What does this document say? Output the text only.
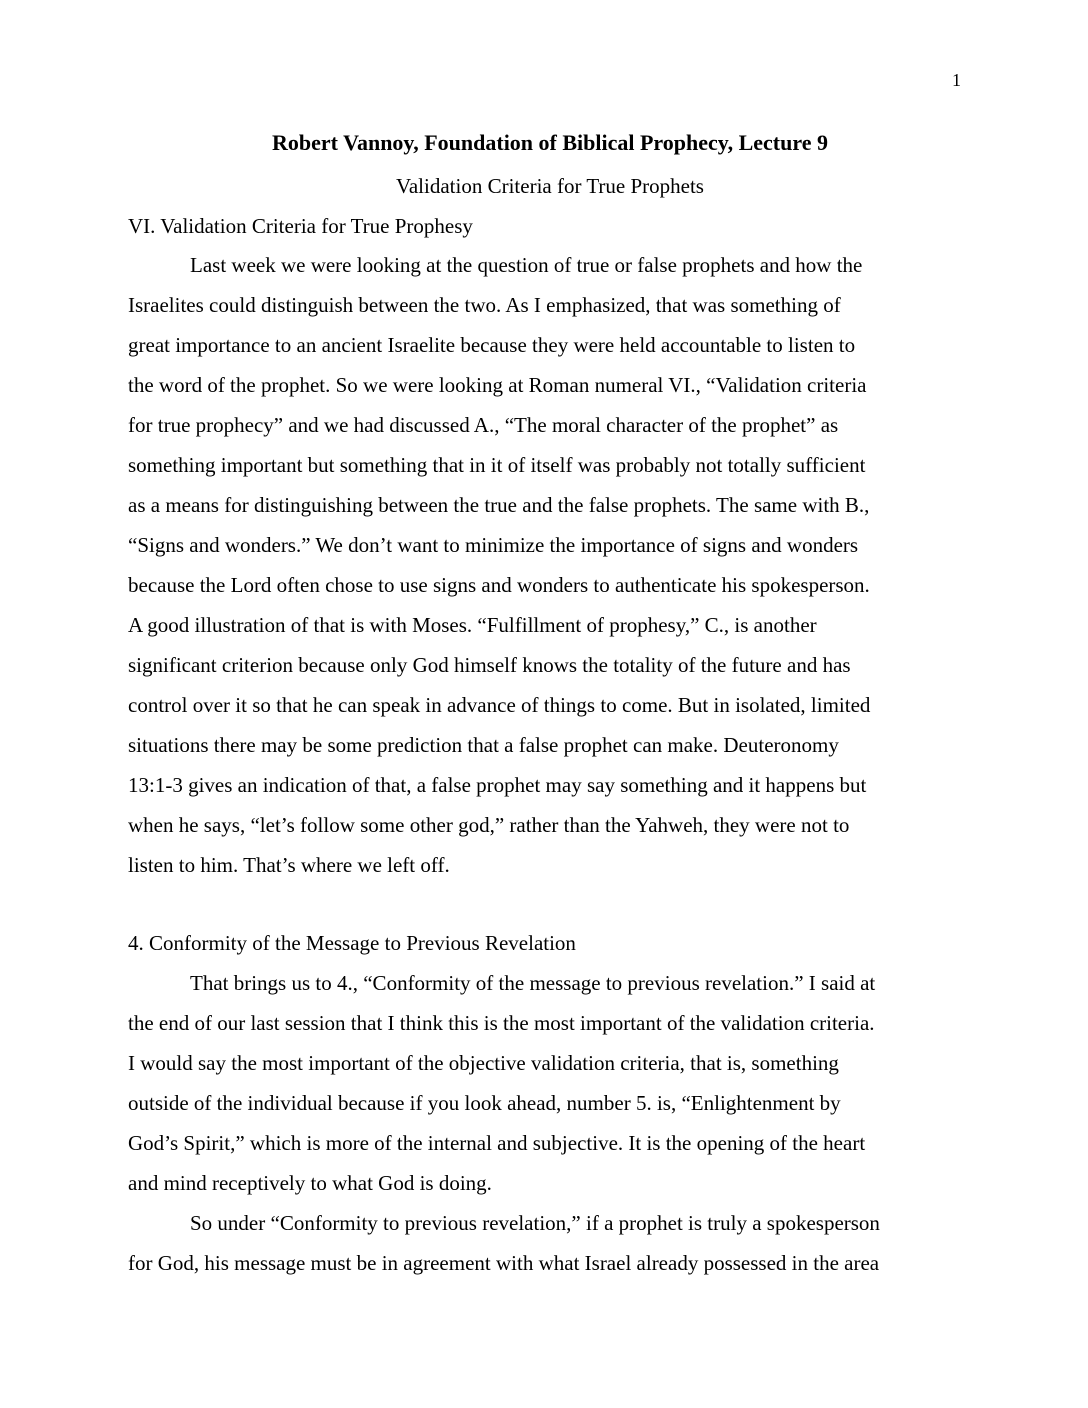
1
Robert Vannoy, Foundation of Biblical Prophecy, Lecture 9
Validation Criteria for True Prophets
VI. Validation Criteria for True Prophesy
Last week we were looking at the question of true or false prophets and how the
Israelites could distinguish between the two. As I emphasized, that was something of
great importance to an ancient Israelite because they were held accountable to listen to
the word of the prophet. So we were looking at Roman numeral VI., “Validation criteria
for true prophecy” and we had discussed A., “The moral character of the prophet” as
something important but something that in it of itself was probably not totally sufficient
as a means for distinguishing between the true and the false prophets. The same with B.,
“Signs and wonders.” We don’t want to minimize the importance of signs and wonders
because the Lord often chose to use signs and wonders to authenticate his spokesperson.
A good illustration of that is with Moses. “Fulfillment of prophesy,” C., is another
significant criterion because only God himself knows the totality of the future and has
control over it so that he can speak in advance of things to come. But in isolated, limited
situations there may be some prediction that a false prophet can make. Deuteronomy
13:1-3 gives an indication of that, a false prophet may say something and it happens but
when he says, “let’s follow some other god,” rather than the Yahweh, they were not to
listen to him. That’s where we left off.
4. Conformity of the Message to Previous Revelation
That brings us to 4., “Conformity of the message to previous revelation.” I said at
the end of our last session that I think this is the most important of the validation criteria.
I would say the most important of the objective validation criteria, that is, something
outside of the individual because if you look ahead, number 5. is, “Enlightenment by
God’s Spirit,” which is more of the internal and subjective. It is the opening of the heart
and mind receptively to what God is doing.
So under “Conformity to previous revelation,” if a prophet is truly a spokesperson
for God, his message must be in agreement with what Israel already possessed in the area
